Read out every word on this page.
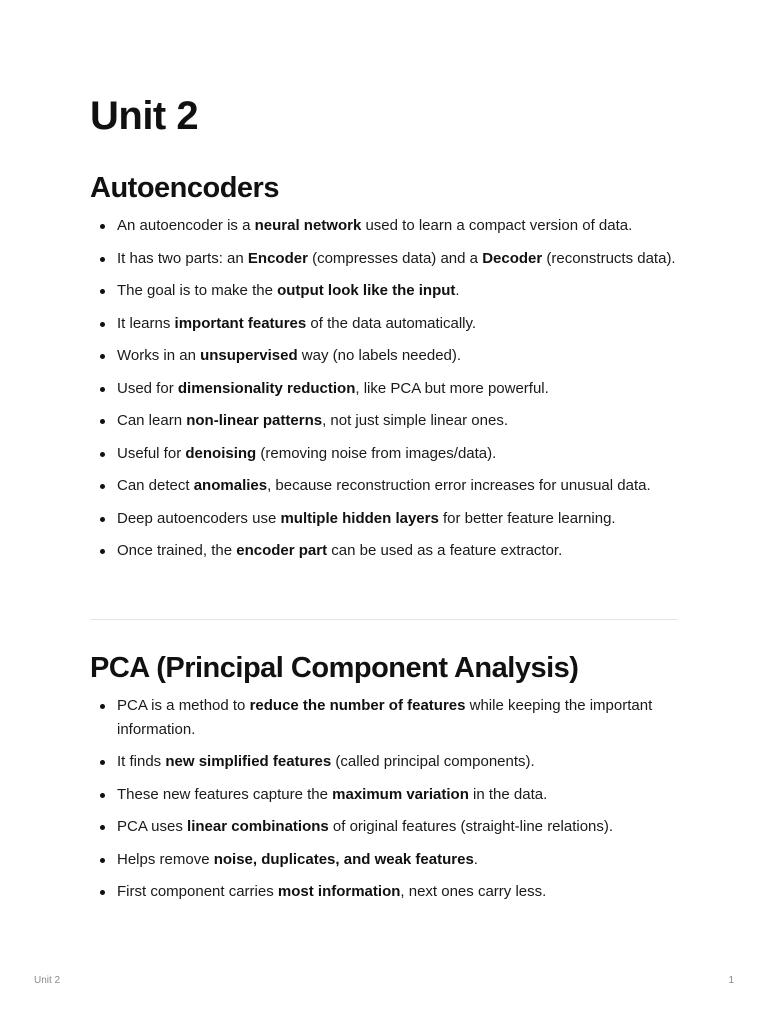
Unit 2
Autoencoders
An autoencoder is a neural network used to learn a compact version of data.
It has two parts: an Encoder (compresses data) and a Decoder (reconstructs data).
The goal is to make the output look like the input.
It learns important features of the data automatically.
Works in an unsupervised way (no labels needed).
Used for dimensionality reduction, like PCA but more powerful.
Can learn non-linear patterns, not just simple linear ones.
Useful for denoising (removing noise from images/data).
Can detect anomalies, because reconstruction error increases for unusual data.
Deep autoencoders use multiple hidden layers for better feature learning.
Once trained, the encoder part can be used as a feature extractor.
PCA (Principal Component Analysis)
PCA is a method to reduce the number of features while keeping the important information.
It finds new simplified features (called principal components).
These new features capture the maximum variation in the data.
PCA uses linear combinations of original features (straight-line relations).
Helps remove noise, duplicates, and weak features.
First component carries most information, next ones carry less.
Unit 2	1
